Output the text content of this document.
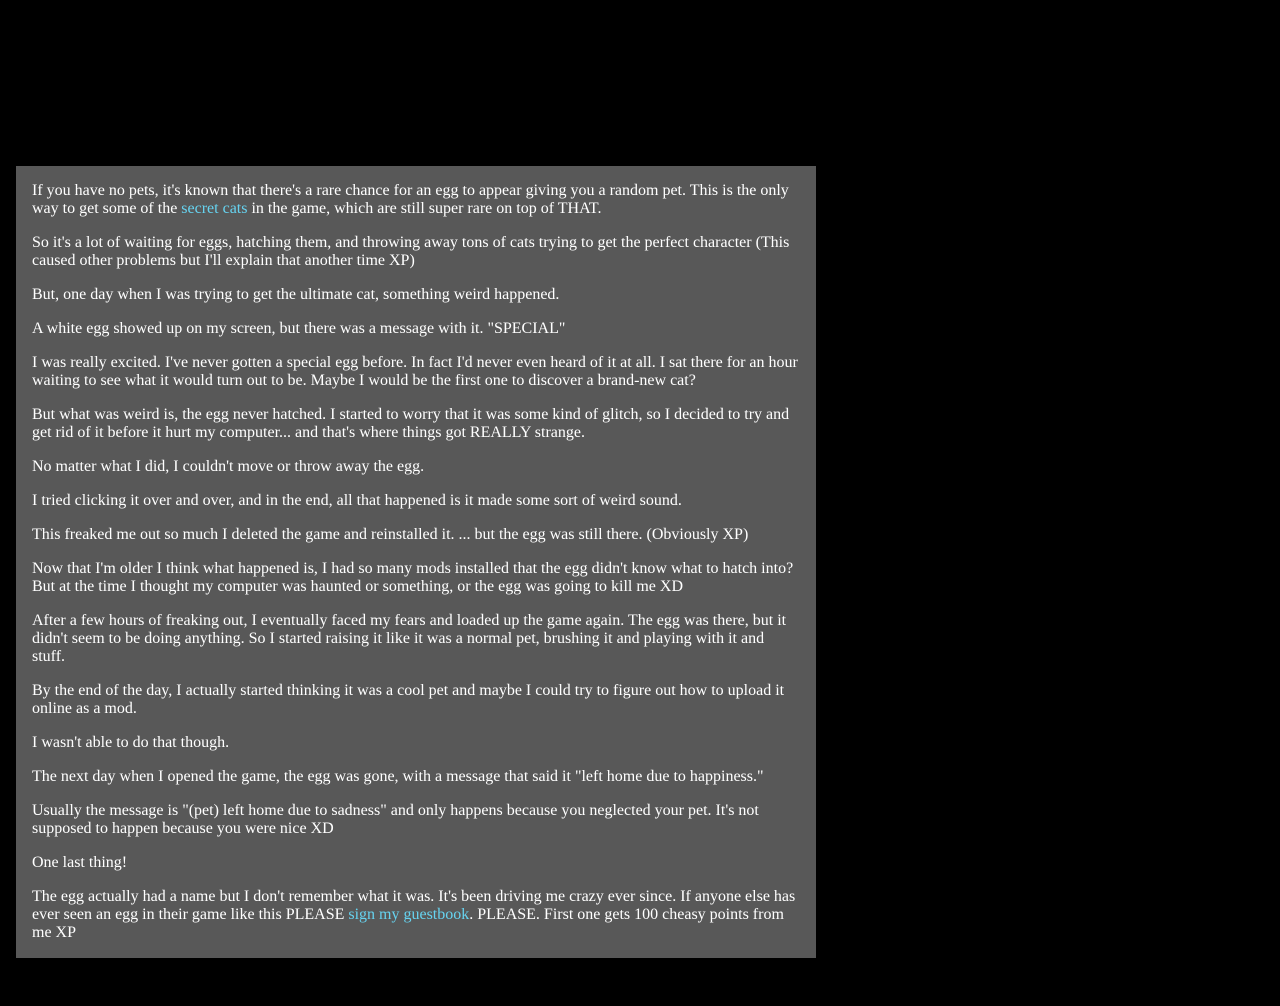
If you have no pets, it's known that there's a rare chance for an egg to appear giving you a random pet. This is the only way to get some of the secret cats in the game, which are still super rare on top of THAT.

So it's a lot of waiting for eggs, hatching them, and throwing away tons of cats trying to get the perfect character (This caused other problems but I'll explain that another time XP)

But, one day when I was trying to get the ultimate cat, something weird happened.

A white egg showed up on my screen, but there was a message with it. "SPECIAL"

I was really excited. I've never gotten a special egg before. In fact I'd never even heard of it at all. I sat there for an hour waiting to see what it would turn out to be. Maybe I would be the first one to discover a brand-new cat?

But what was weird is, the egg never hatched. I started to worry that it was some kind of glitch, so I decided to try and get rid of it before it hurt my computer... and that's where things got REALLY strange.

No matter what I did, I couldn't move or throw away the egg.

I tried clicking it over and over, and in the end, all that happened is it made some sort of weird sound.

This freaked me out so much I deleted the game and reinstalled it. ... but the egg was still there. (Obviously XP)

Now that I'm older I think what happened is, I had so many mods installed that the egg didn't know what to hatch into? But at the time I thought my computer was haunted or something, or the egg was going to kill me XD

After a few hours of freaking out, I eventually faced my fears and loaded up the game again. The egg was there, but it didn't seem to be doing anything. So I started raising it like it was a normal pet, brushing it and playing with it and stuff.

By the end of the day, I actually started thinking it was a cool pet and maybe I could try to figure out how to upload it online as a mod.

I wasn't able to do that though.

The next day when I opened the game, the egg was gone, with a message that said it "left home due to happiness."

Usually the message is "(pet) left home due to sadness" and only happens because you neglected your pet. It's not supposed to happen because you were nice XD

One last thing!

The egg actually had a name but I don't remember what it was. It's been driving me crazy ever since. If anyone else has ever seen an egg in their game like this PLEASE sign my guestbook. PLEASE. First one gets 100 cheasy points from me XP
